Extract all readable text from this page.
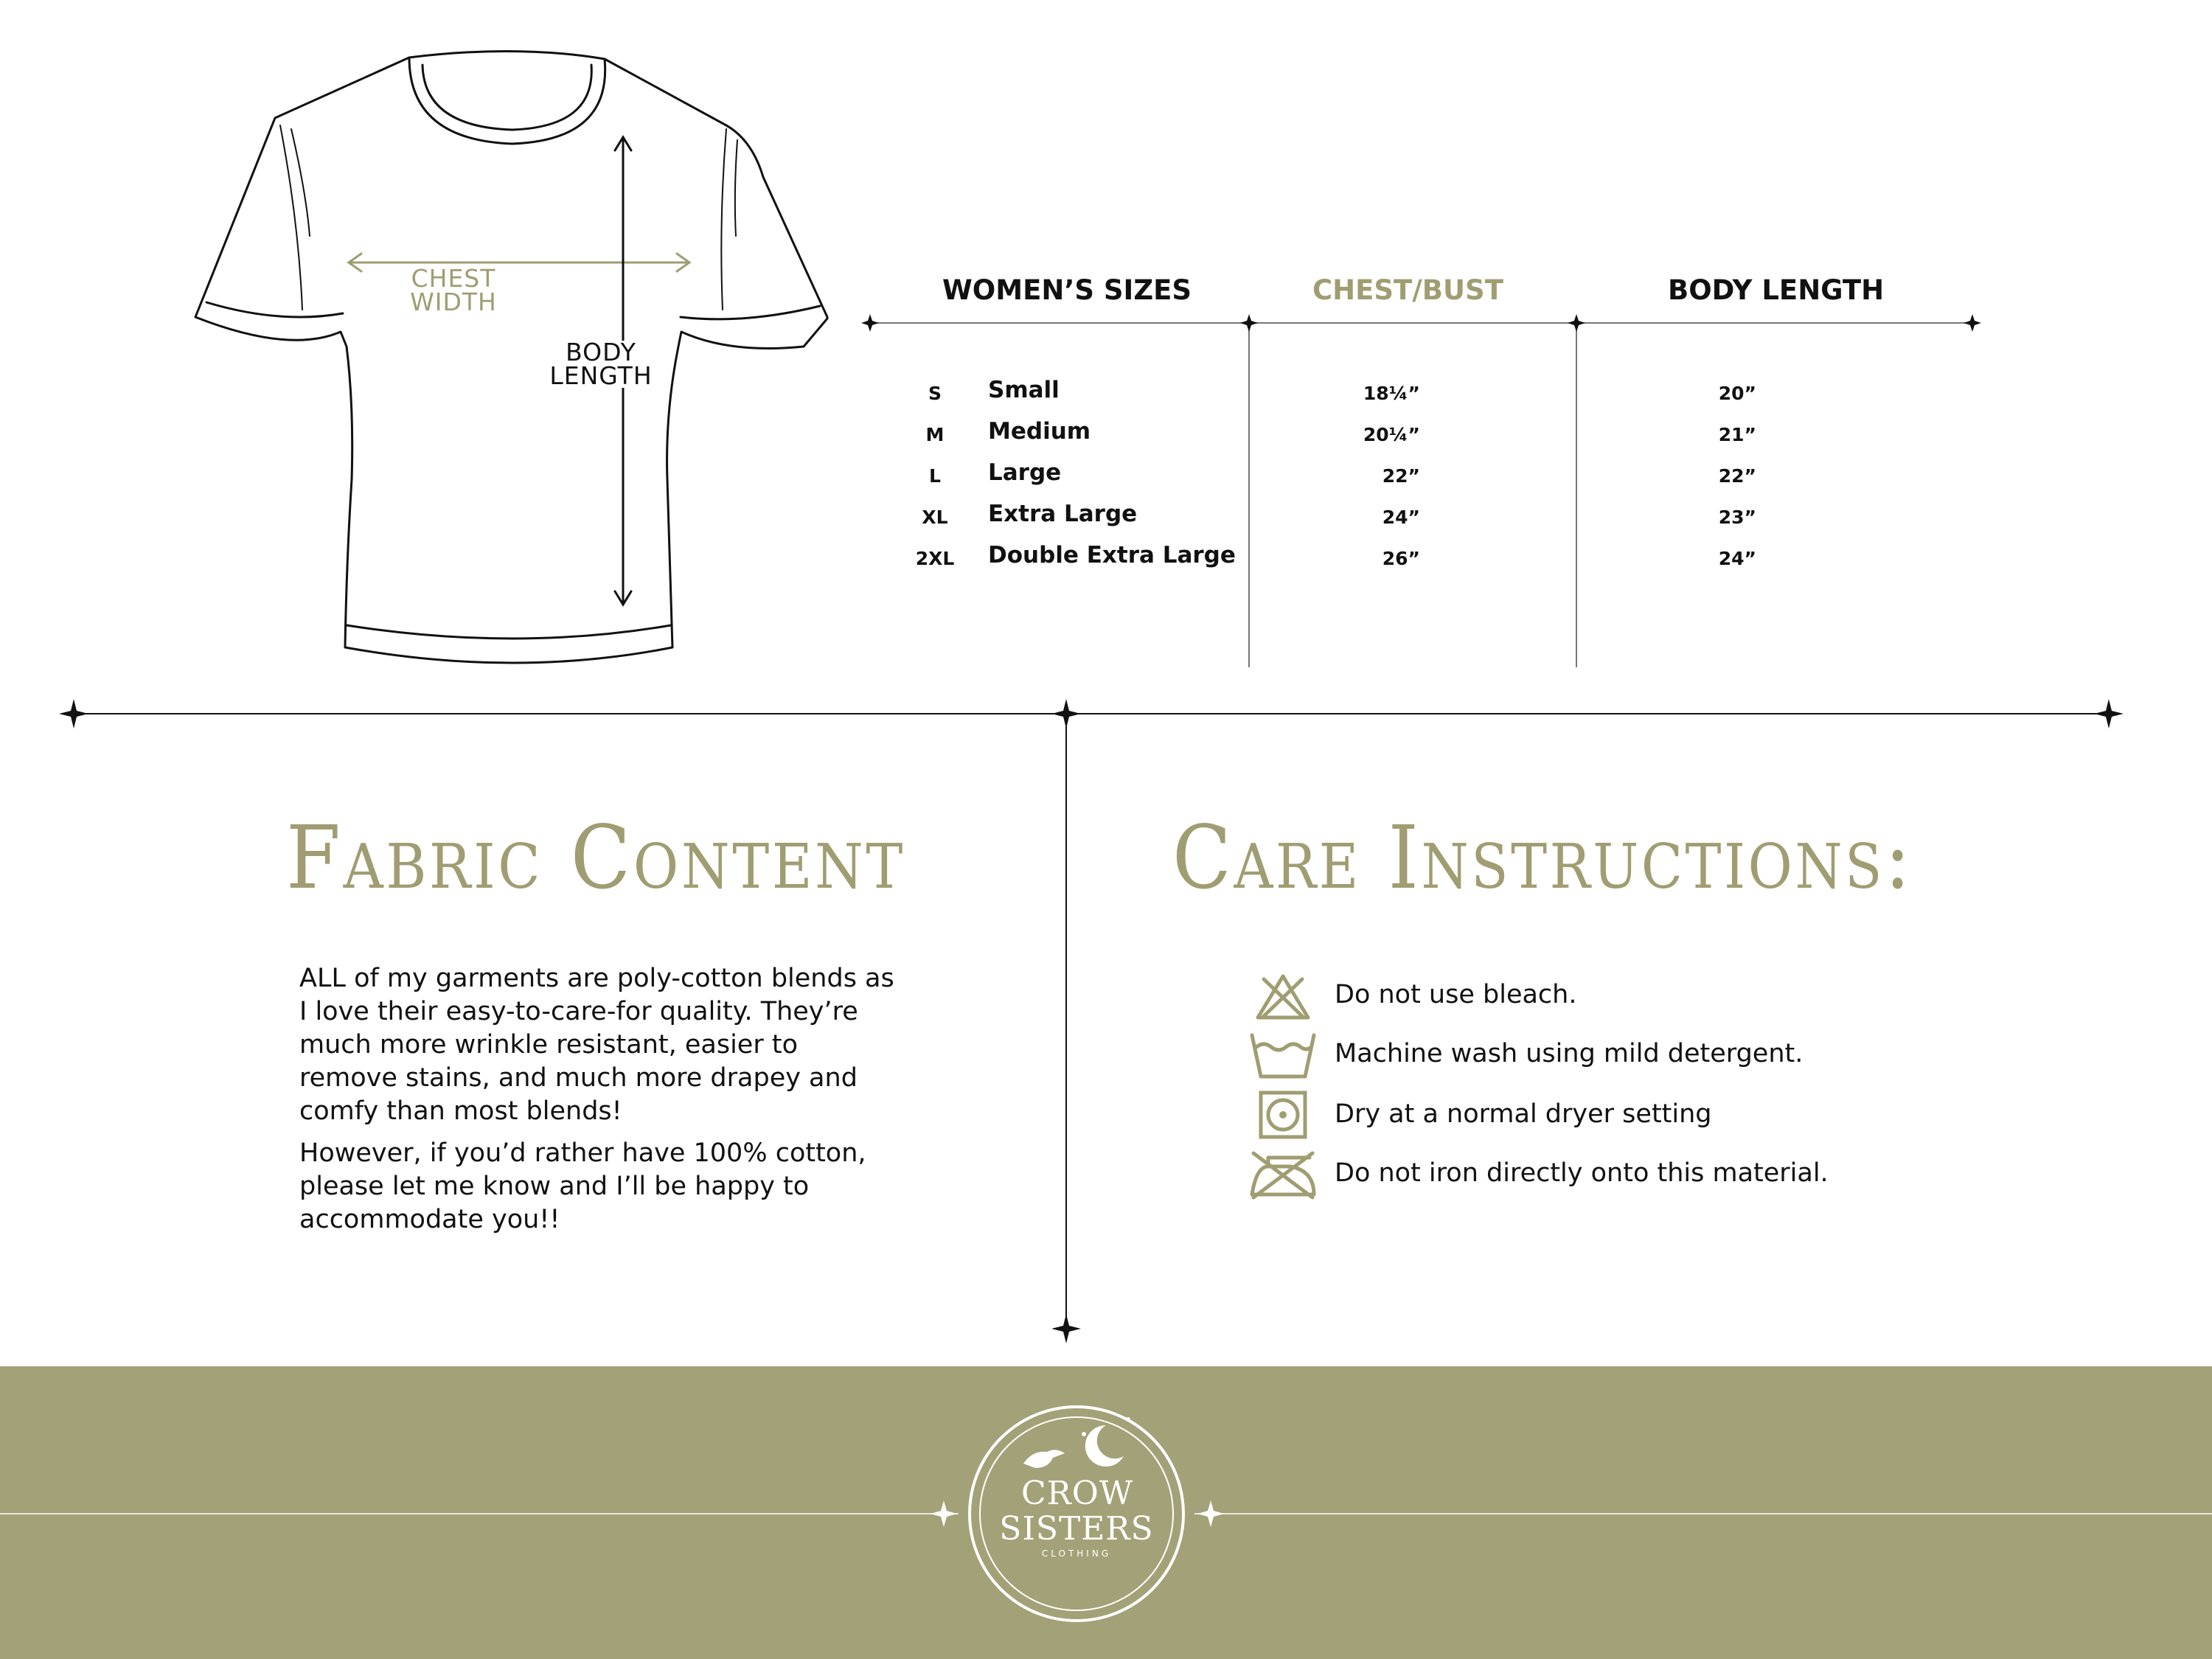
CHEST
WIDTH
BODY
LENGTH
WOMEN’S SIZES	CHEST/BUST	BODY LENGTH
S	Small	18¼”	20”
M	Medium	20¼”	21”
L	Large	22”	22”
XL	Extra Large	24”	23”
2XL	Double Extra Large	26”	24”
Fabric Content

ALL of my garments are poly-cotton blends as I love their easy-to-care-for quality. They’re much more wrinkle resistant, easier to remove stains, and much more drapey and comfy than most blends!

However, if you’d rather have 100% cotton, please let me know and I’ll be happy to accommodate you!!

Care Instructions:
Do not use bleach.
Machine wash using mild detergent.
Dry at a normal dryer setting
Do not iron directly onto this material.
CROW
SISTERS
CLOTHING
